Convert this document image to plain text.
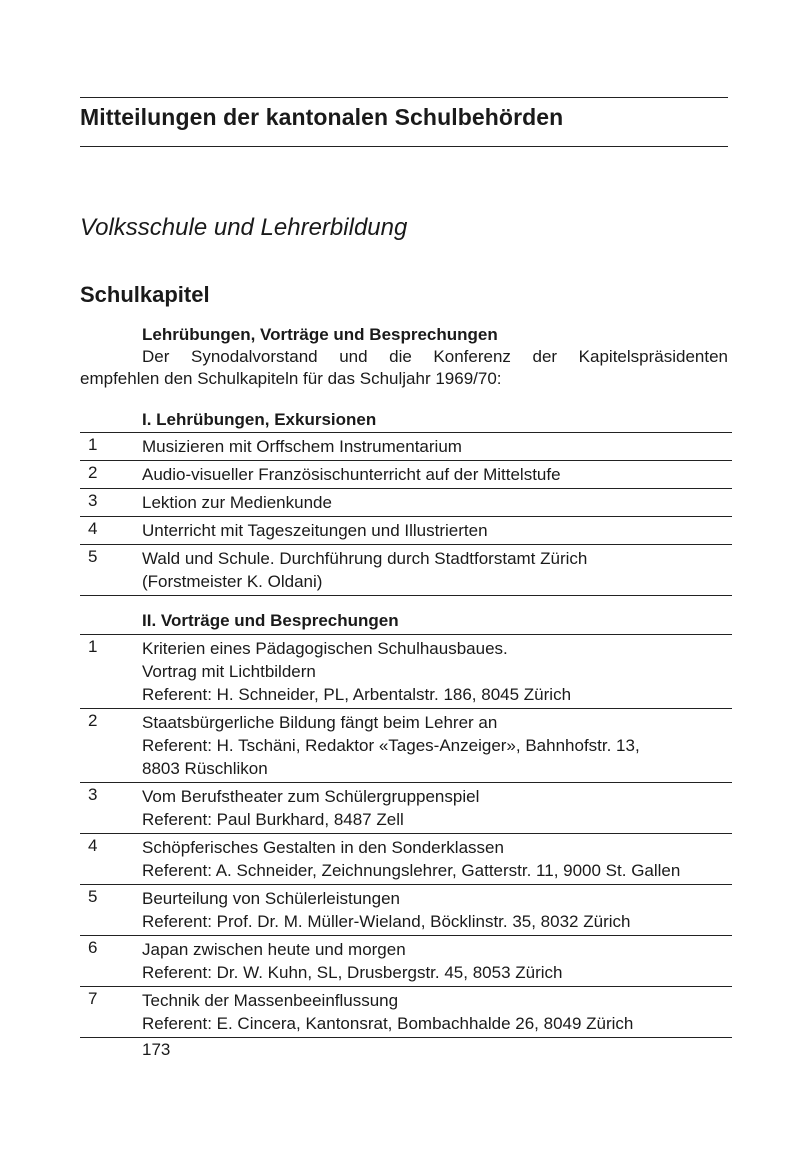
Mitteilungen der kantonalen Schulbehörden
Volksschule und Lehrerbildung
Schulkapitel
Lehrübungen, Vorträge und Besprechungen

Der Synodalvorstand und die Konferenz der Kapitelspräsidenten

empfehlen den Schulkapiteln für das Schuljahr 1969/70:

I. Lehrübungen, Exkursionen
1	Musizieren mit Orffschem Instrumentarium

2	Audio-visueller Französischunterricht auf der Mittelstufe

3	Lektion zur Medienkunde

4	Unterricht mit Tageszeitungen und Illustrierten

5	Wald und Schule. Durchführung durch Stadtforstamt Zürich
(Forstmeister K. Oldani)
II. Vorträge und Besprechungen
1	Kriterien eines Pädagogischen Schulhausbaues.
Vortrag mit Lichtbildern
Referent: H. Schneider, PL, Arbentalstr. 186, 8045 Zürich

2	Staatsbürgerliche Bildung fängt beim Lehrer an
Referent: H. Tschäni, Redaktor «Tages-Anzeiger», Bahnhofstr. 13,
8803 Rüschlikon

3	Vom Berufstheater zum Schülergruppenspiel
Referent: Paul Burkhard, 8487 Zell

4	Schöpferisches Gestalten in den Sonderklassen
Referent: A. Schneider, Zeichnungslehrer, Gatterstr. 11, 9000 St. Gallen

5	Beurteilung von Schülerleistungen
Referent: Prof. Dr. M. Müller-Wieland, Böcklinstr. 35, 8032 Zürich

6	Japan zwischen heute und morgen
Referent: Dr. W. Kuhn, SL, Drusbergstr. 45, 8053 Zürich

7	Technik der Massenbeeinflussung
Referent: E. Cincera, Kantonsrat, Bombachhalde 26, 8049 Zürich
173
